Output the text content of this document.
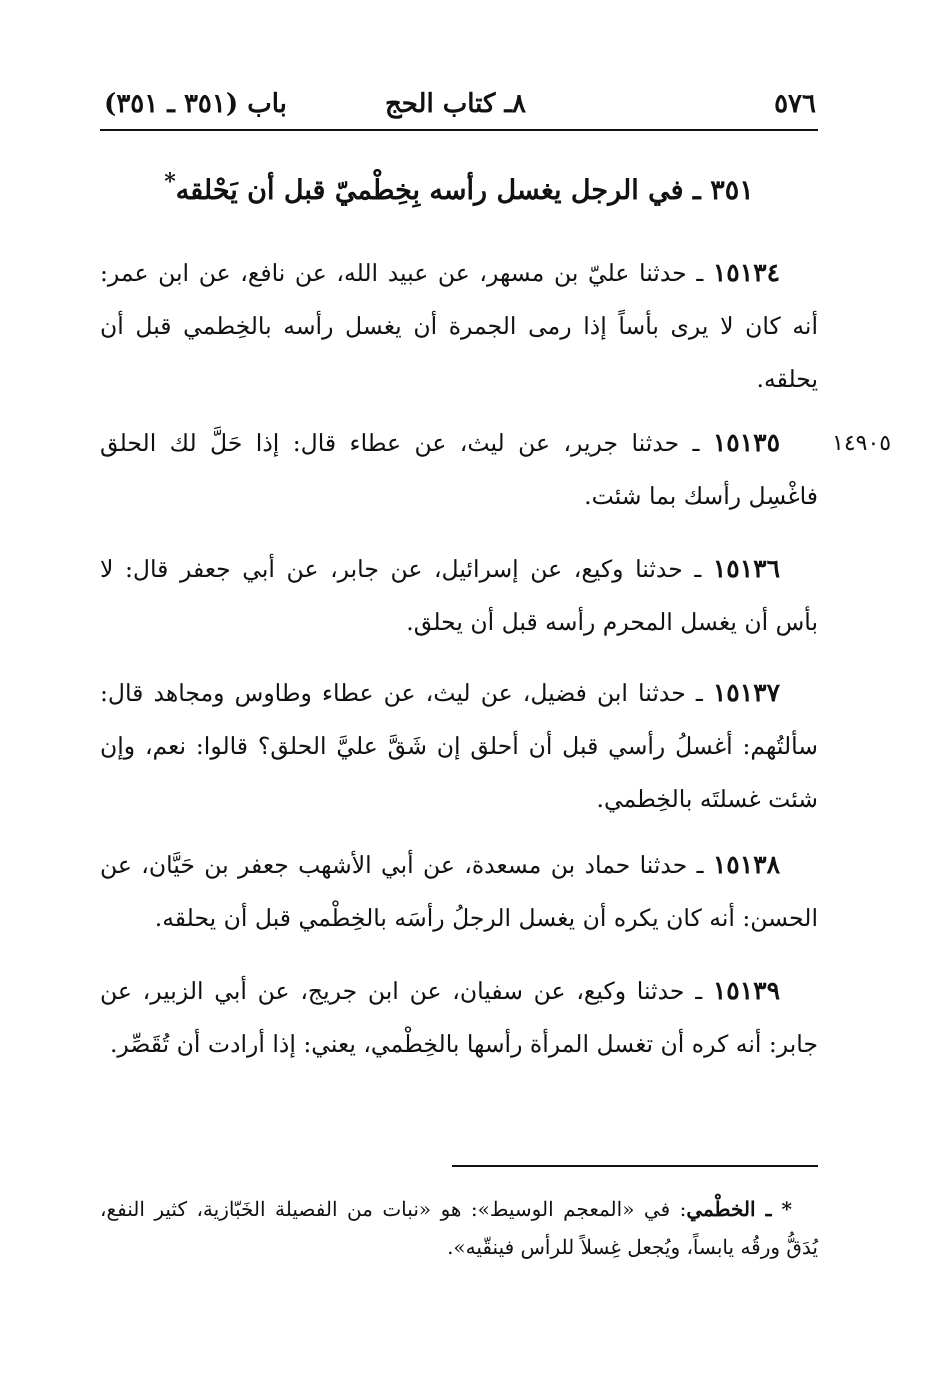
٥٧٦
٨ـ كتاب الحج
باب (٣٥١ ـ ٣٥١)
٣٥١ ـ في الرجل يغسل رأسه بِخِطْميّ قبل أن يَحْلقه*

١٥١٣٤ ـ حدثنا عليّ بن مسهر، عن عبيد الله، عن نافع، عن ابن عمر: أنه كان لا يرى بأساً إذا رمى الجمرة أن يغسل رأسه بالخِطمي قبل أن يحلقه.

١٤٩٠٥

١٥١٣٥ ـ حدثنا جرير، عن ليث، عن عطاء قال: إذا حَلَّ لك الحلق فاغْسِل رأسك بما شئت.

١٥١٣٦ ـ حدثنا وكيع، عن إسرائيل، عن جابر، عن أبي جعفر قال: لا بأس أن يغسل المحرم رأسه قبل أن يحلق.

١٥١٣٧ ـ حدثنا ابن فضيل، عن ليث، عن عطاء وطاوس ومجاهد قال: سألتُهم: أغسلُ رأسي قبل أن أحلق إن شَقَّ عليَّ الحلق؟ قالوا: نعم، وإن شئت غسلتَه بالخِطمي.

١٥١٣٨ ـ حدثنا حماد بن مسعدة، عن أبي الأشهب جعفر بن حَيَّان، عن الحسن: أنه كان يكره أن يغسل الرجلُ رأسَه بالخِطْمي قبل أن يحلقه.

١٥١٣٩ ـ حدثنا وكيع، عن سفيان، عن ابن جريج، عن أبي الزبير، عن جابر: أنه كره أن تغسل المرأة رأسها بالخِطْمي، يعني: إذا أرادت أن تُقَصِّر.

* ـ الخطْمي: في «المعجم الوسيط»: هو «نبات من الفصيلة الخَبّازية، كثير النفع، يُدَقُّ ورقُه يابساً، ويُجعل غِسلاً للرأس فينقّيه».
